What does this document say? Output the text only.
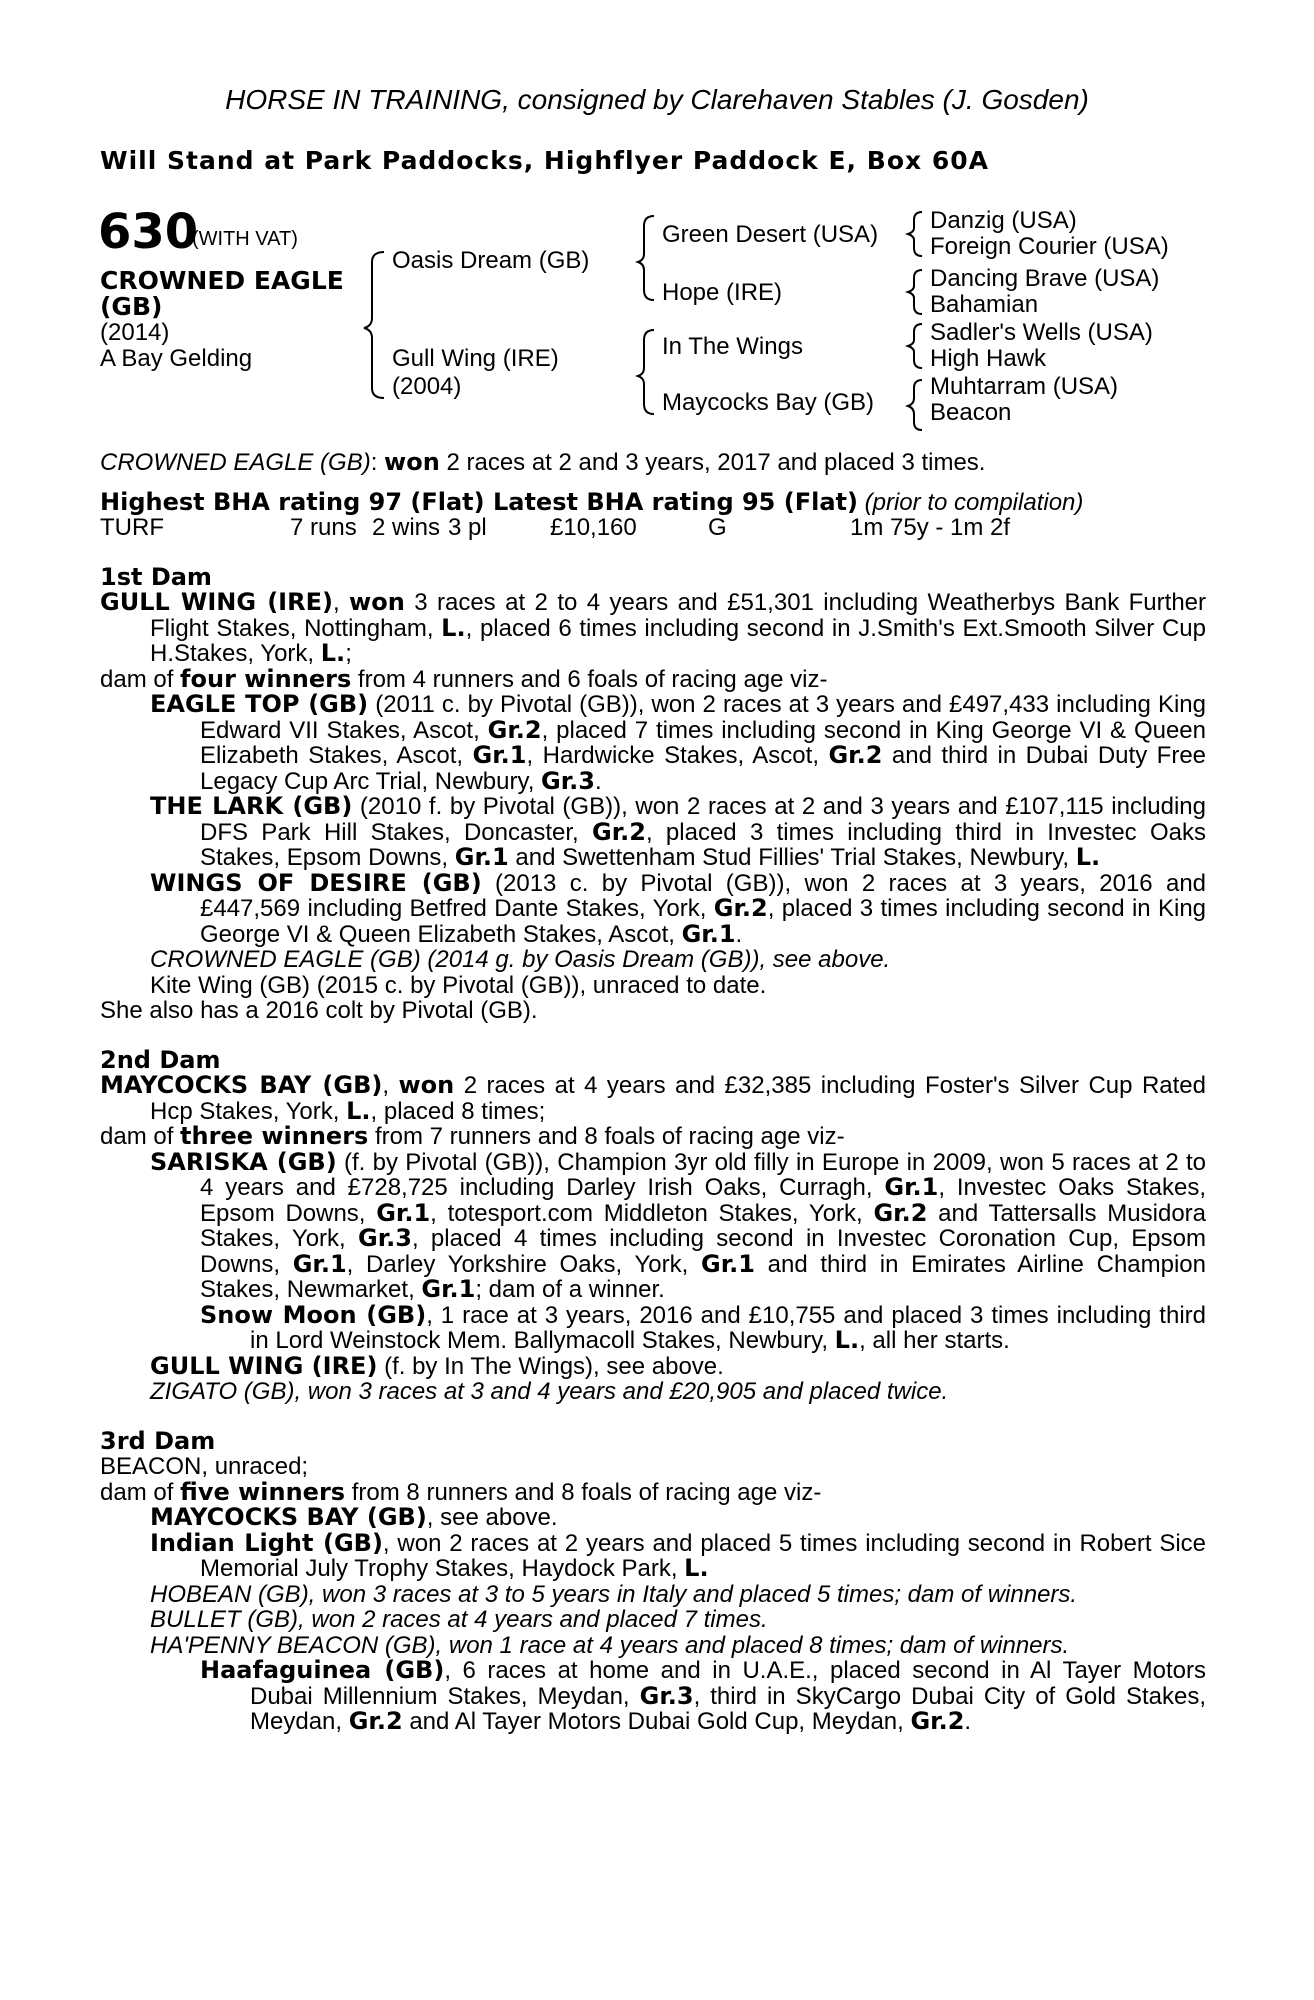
HORSE IN TRAINING, consigned by Clarehaven Stables (J. Gosden)
Will Stand at Park Paddocks, Highflyer Paddock E, Box 60A
630
(WITH VAT)
CROWNED EAGLE
(GB)
(2014)
A Bay Gelding
Oasis Dream (GB)
Gull Wing (IRE)
(2004)
Green Desert (USA)
Hope (IRE)
In The Wings
Maycocks Bay (GB)
Danzig (USA)
Foreign Courier (USA)
Dancing Brave (USA)
Bahamian
Sadler's Wells (USA)
High Hawk
Muhtarram (USA)
Beacon

CROWNED EAGLE (GB): won 2 races at 2 and 3 years, 2017 and placed 3 times.

Highest BHA rating 97 (Flat) Latest BHA rating 95 (Flat) (prior to compilation)

TURF	7 runs 2 wins 3 pl	£10,160	G	1m 75y - 1m 2f

1st Dam

GULL WING (IRE), won 3 races at 2 to 4 years and £51,301 including Weatherbys Bank Further Flight Stakes, Nottingham, L., placed 6 times including second in J.Smith's Ext.Smooth Silver Cup H.Stakes, York, L.;

dam of four winners from 4 runners and 6 foals of racing age viz-

EAGLE TOP (GB) (2011 c. by Pivotal (GB)), won 2 races at 3 years and £497,433 including King Edward VII Stakes, Ascot, Gr.2, placed 7 times including second in King George VI & Queen Elizabeth Stakes, Ascot, Gr.1, Hardwicke Stakes, Ascot, Gr.2 and third in Dubai Duty Free Legacy Cup Arc Trial, Newbury, Gr.3.

THE LARK (GB) (2010 f. by Pivotal (GB)), won 2 races at 2 and 3 years and £107,115 including DFS Park Hill Stakes, Doncaster, Gr.2, placed 3 times including third in Investec Oaks Stakes, Epsom Downs, Gr.1 and Swettenham Stud Fillies' Trial Stakes, Newbury, L.

WINGS OF DESIRE (GB) (2013 c. by Pivotal (GB)), won 2 races at 3 years, 2016 and £447,569 including Betfred Dante Stakes, York, Gr.2, placed 3 times including second in King George VI & Queen Elizabeth Stakes, Ascot, Gr.1.

CROWNED EAGLE (GB) (2014 g. by Oasis Dream (GB)), see above.

Kite Wing (GB) (2015 c. by Pivotal (GB)), unraced to date.

She also has a 2016 colt by Pivotal (GB).

2nd Dam

MAYCOCKS BAY (GB), won 2 races at 4 years and £32,385 including Foster's Silver Cup Rated Hcp Stakes, York, L., placed 8 times;

dam of three winners from 7 runners and 8 foals of racing age viz-

SARISKA (GB) (f. by Pivotal (GB)), Champion 3yr old filly in Europe in 2009, won 5 races at 2 to 4 years and £728,725 including Darley Irish Oaks, Curragh, Gr.1, Investec Oaks Stakes, Epsom Downs, Gr.1, totesport.com Middleton Stakes, York, Gr.2 and Tattersalls Musidora Stakes, York, Gr.3, placed 4 times including second in Investec Coronation Cup, Epsom Downs, Gr.1, Darley Yorkshire Oaks, York, Gr.1 and third in Emirates Airline Champion Stakes, Newmarket, Gr.1; dam of a winner.

Snow Moon (GB), 1 race at 3 years, 2016 and £10,755 and placed 3 times including third in Lord Weinstock Mem. Ballymacoll Stakes, Newbury, L., all her starts.

GULL WING (IRE) (f. by In The Wings), see above.

ZIGATO (GB), won 3 races at 3 and 4 years and £20,905 and placed twice.

3rd Dam

BEACON, unraced;

dam of five winners from 8 runners and 8 foals of racing age viz-

MAYCOCKS BAY (GB), see above.

Indian Light (GB), won 2 races at 2 years and placed 5 times including second in Robert Sice Memorial July Trophy Stakes, Haydock Park, L.

HOBEAN (GB), won 3 races at 3 to 5 years in Italy and placed 5 times; dam of winners.

BULLET (GB), won 2 races at 4 years and placed 7 times.

HA'PENNY BEACON (GB), won 1 race at 4 years and placed 8 times; dam of winners.

Haafaguinea (GB), 6 races at home and in U.A.E., placed second in Al Tayer Motors Dubai Millennium Stakes, Meydan, Gr.3, third in SkyCargo Dubai City of Gold Stakes, Meydan, Gr.2 and Al Tayer Motors Dubai Gold Cup, Meydan, Gr.2.
